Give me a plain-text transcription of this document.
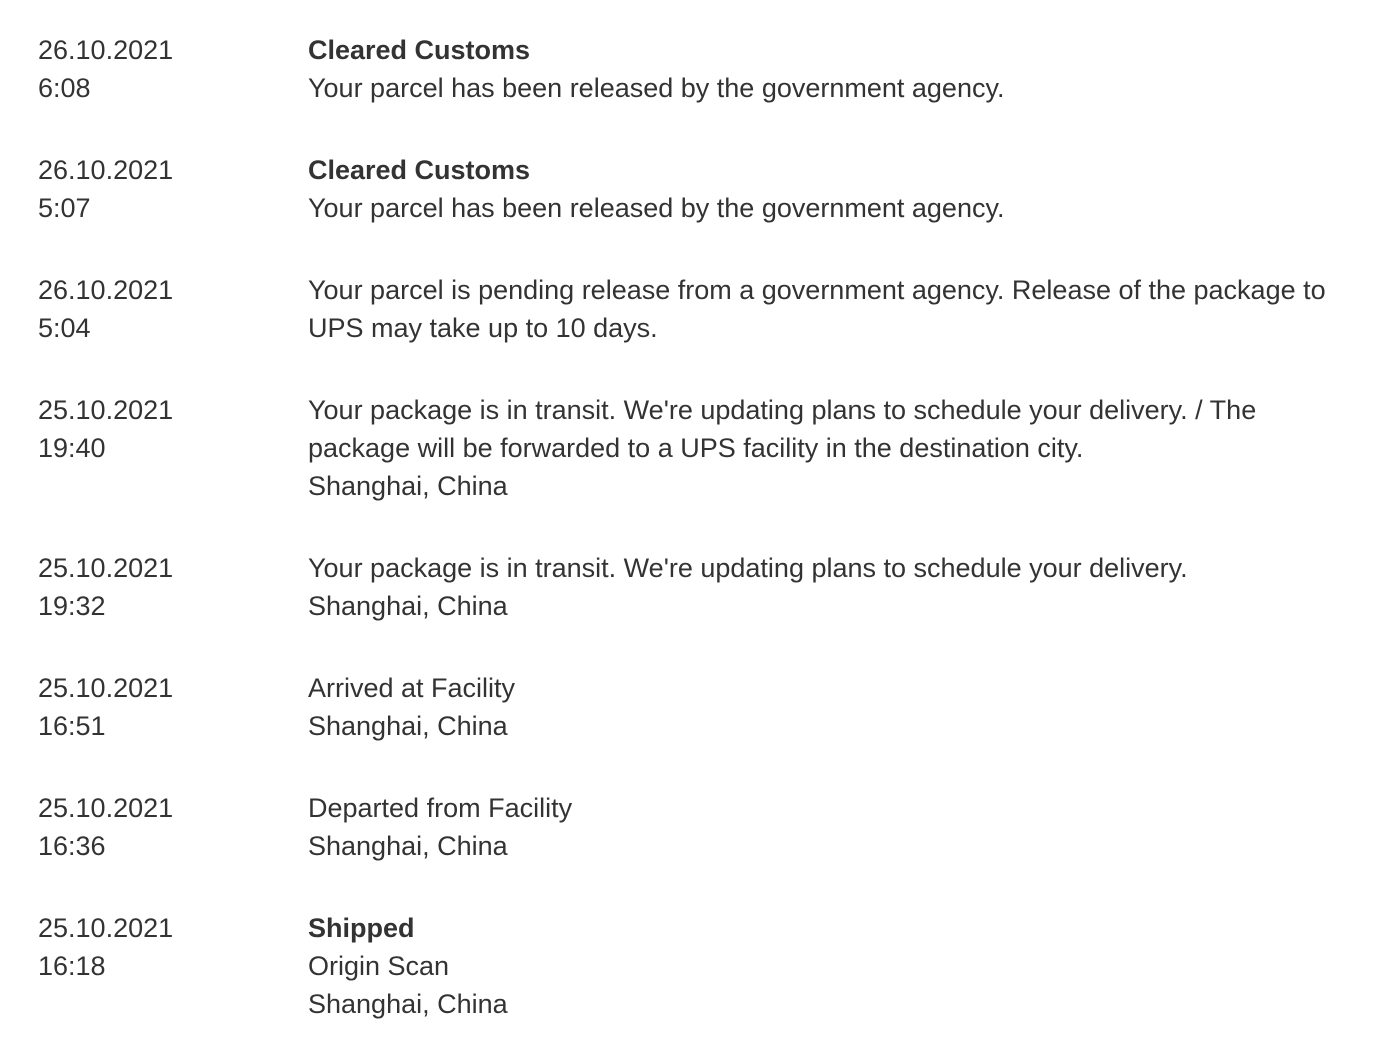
26.10.2021
6:08
Cleared Customs
Your parcel has been released by the government agency.
26.10.2021
5:07
Cleared Customs
Your parcel has been released by the government agency.
26.10.2021
5:04
Your parcel is pending release from a government agency. Release of the package to UPS may take up to 10 days.
25.10.2021
19:40
Your package is in transit. We're updating plans to schedule your delivery. / The package will be forwarded to a UPS facility in the destination city.
Shanghai, China
25.10.2021
19:32
Your package is in transit. We're updating plans to schedule your delivery.
Shanghai, China
25.10.2021
16:51
Arrived at Facility
Shanghai, China
25.10.2021
16:36
Departed from Facility
Shanghai, China
25.10.2021
16:18
Shipped
Origin Scan
Shanghai, China
